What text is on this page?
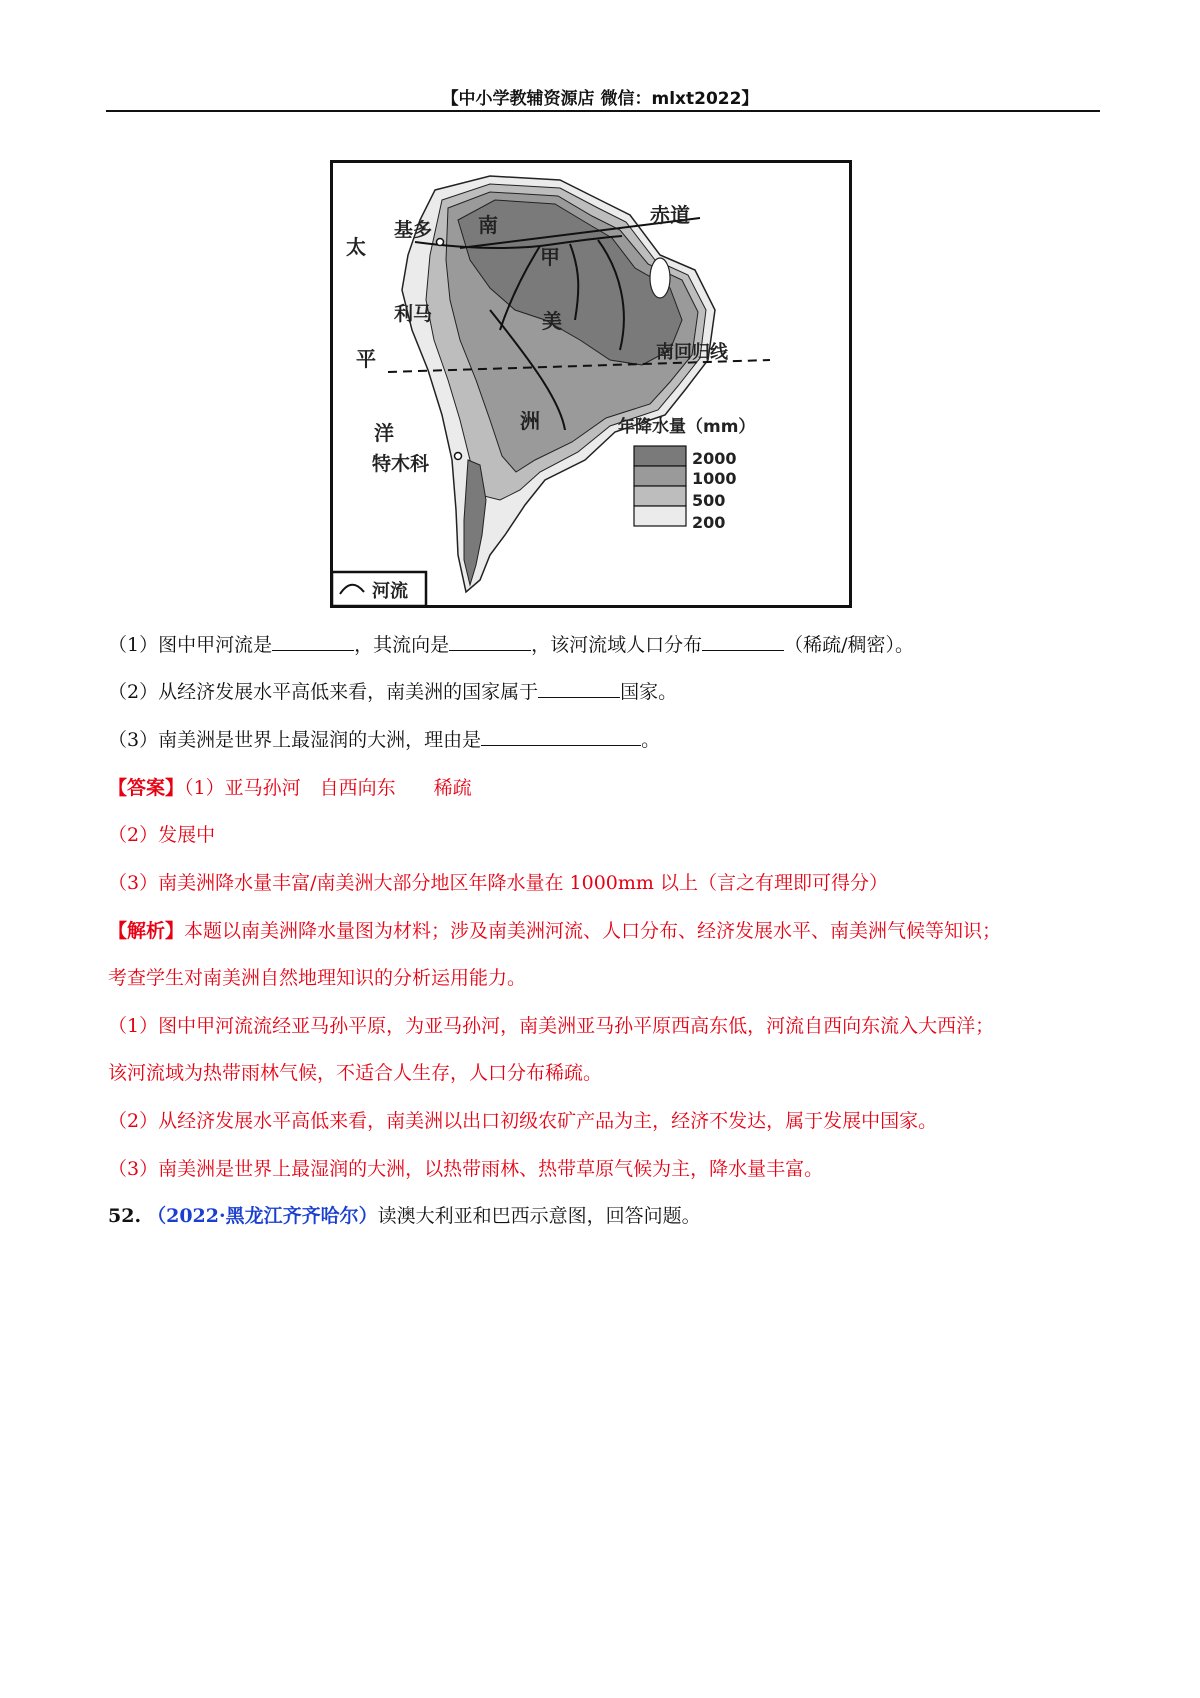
【中小学教辅资源店 微信：mlxt2022】
南
甲
美
洲
赤道
南回归线
太
平
洋
基多
利马
特木科
年降水量（mm）
2000
1000
500
200
河流
（1）图中甲河流是	，其流向是	，该河流域人口分布	（稀疏/稠密）。
（2）从经济发展水平高低来看，南美洲的国家属于	国家。
（3）南美洲是世界上最湿润的大洲，理由是	。
【答案】（1）亚马孙河　自西向东　　稀疏
（2）发展中
（3）南美洲降水量丰富/南美洲大部分地区年降水量在 1000mm 以上（言之有理即可得分）
【解析】本题以南美洲降水量图为材料；涉及南美洲河流、人口分布、经济发展水平、南美洲气候等知识；
考查学生对南美洲自然地理知识的分析运用能力。
（1）图中甲河流流经亚马孙平原，为亚马孙河，南美洲亚马孙平原西高东低，河流自西向东流入大西洋；
该河流域为热带雨林气候，不适合人生存，人口分布稀疏。
（2）从经济发展水平高低来看，南美洲以出口初级农矿产品为主，经济不发达，属于发展中国家。
（3）南美洲是世界上最湿润的大洲，以热带雨林、热带草原气候为主，降水量丰富。
52. （2022·黑龙江齐齐哈尔）读澳大利亚和巴西示意图，回答问题。
